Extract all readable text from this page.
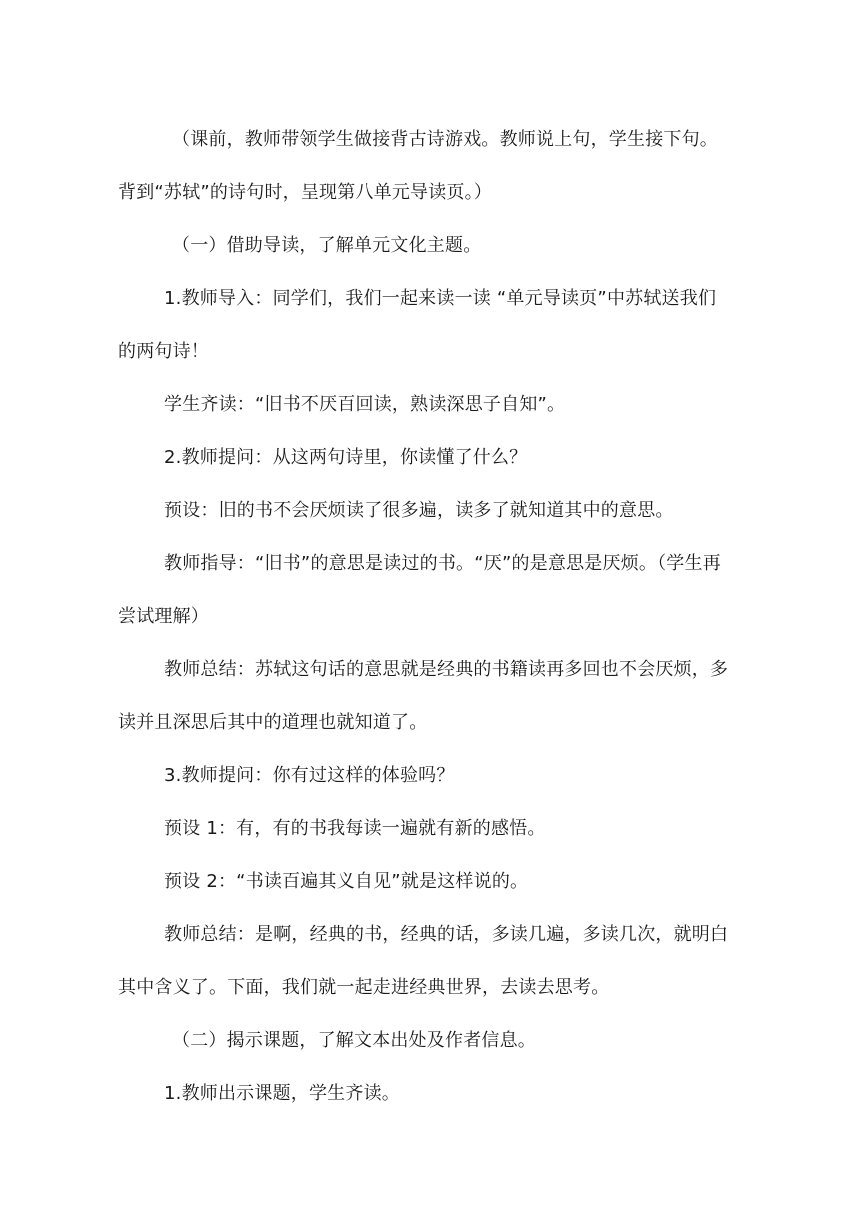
（课前，教师带领学生做接背古诗游戏。教师说上句，学生接下句。背到“苏轼”的诗句时，呈现第八单元导读页。）

（一）借助导读，了解单元文化主题。

1.教师导入：同学们，我们一起来读一读 “单元导读页”中苏轼送我们的两句诗！

学生齐读：“旧书不厌百回读，熟读深思子自知”。

2.教师提问：从这两句诗里，你读懂了什么？

预设：旧的书不会厌烦读了很多遍，读多了就知道其中的意思。

教师指导：“旧书”的意思是读过的书。“厌”的是意思是厌烦。（学生再尝试理解）

教师总结：苏轼这句话的意思就是经典的书籍读再多回也不会厌烦，多读并且深思后其中的道理也就知道了。

3.教师提问：你有过这样的体验吗？

预设 1：有，有的书我每读一遍就有新的感悟。

预设 2：“书读百遍其义自见”就是这样说的。

教师总结：是啊，经典的书，经典的话，多读几遍，多读几次，就明白其中含义了。下面，我们就一起走进经典世界，去读去思考。

（二）揭示课题，了解文本出处及作者信息。

1.教师出示课题，学生齐读。
